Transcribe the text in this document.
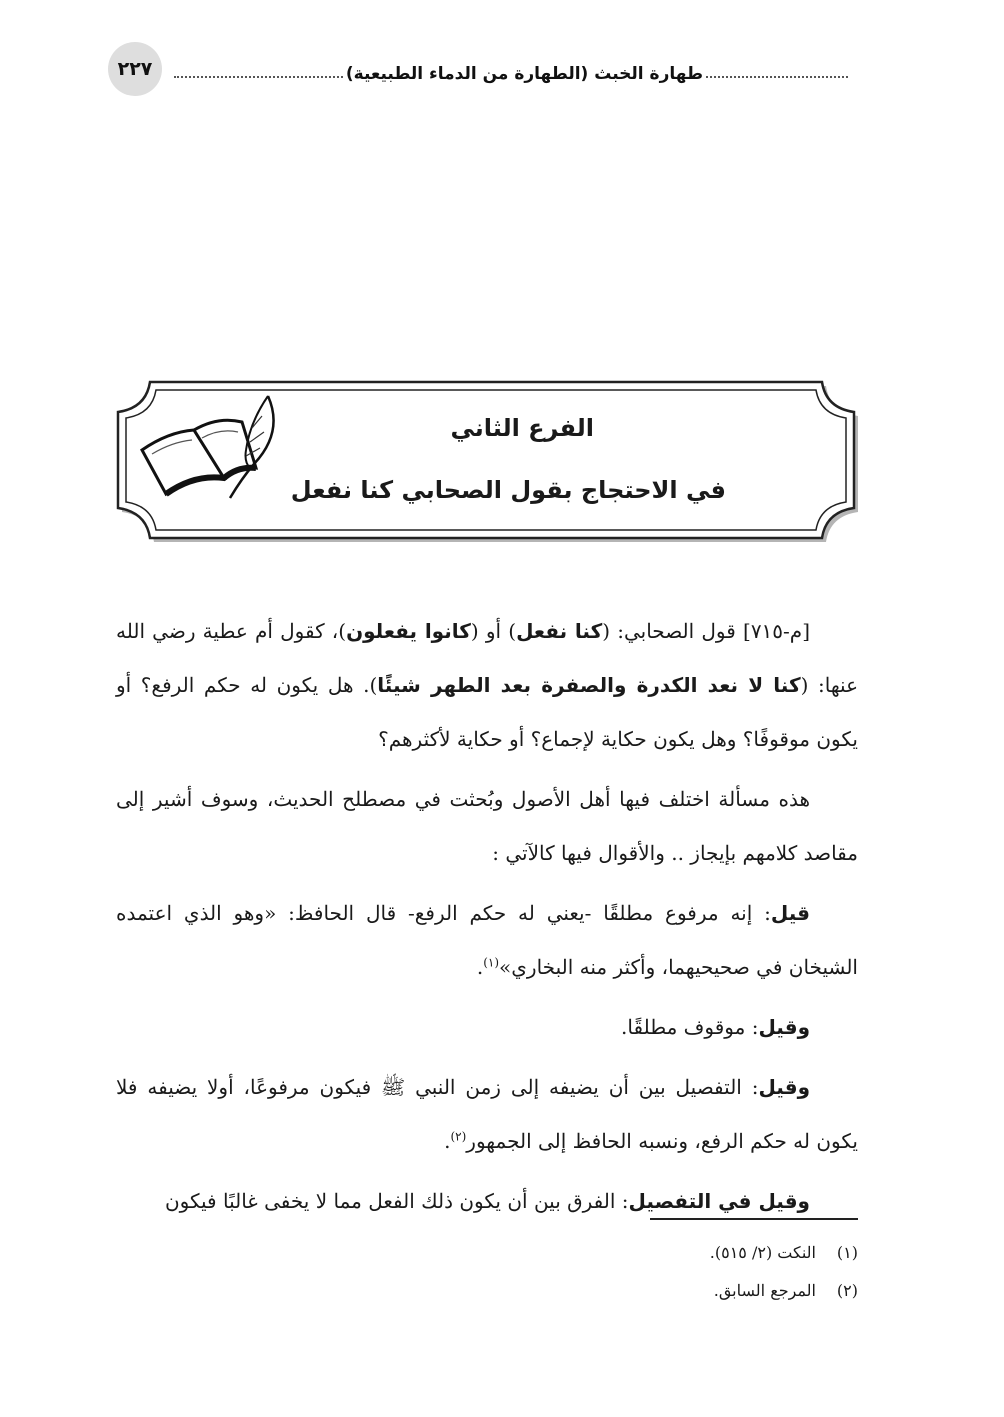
٢٢٧	طهارة الخبث (الطهارة من الدماء الطبيعية)
الفرع الثاني
في الاحتجاج بقول الصحابي كنا نفعل

[م-٧١٥] قول الصحابي: (كنا نفعل) أو (كانوا يفعلون)، كقول أم عطية رضي الله عنها: (كنا لا نعد الكدرة والصفرة بعد الطهر شيئًا). هل يكون له حكم الرفع؟ أو يكون موقوفًا؟ وهل يكون حكاية لإجماع؟ أو حكاية لأكثرهم؟

هذه مسألة اختلف فيها أهل الأصول وبُحثت في مصطلح الحديث، وسوف أشير إلى مقاصد كلامهم بإيجاز .. والأقوال فيها كالآتي :

قيل: إنه مرفوع مطلقًا -يعني له حكم الرفع- قال الحافظ: «وهو الذي اعتمده الشيخان في صحيحيهما، وأكثر منه البخاري»$^{(١)}$.

وقيل: موقوف مطلقًا.

وقيل: التفصيل بين أن يضيفه إلى زمن النبي ﷺ فيكون مرفوعًا، أولا يضيفه فلا يكون له حكم الرفع، ونسبه الحافظ إلى الجمهور$^{(٢)}$.

وقيل في التفصيل: الفرق بين أن يكون ذلك الفعل مما لا يخفى غالبًا فيكون

(١)النكت (٢/ ٥١٥).
(٢)المرجع السابق.
